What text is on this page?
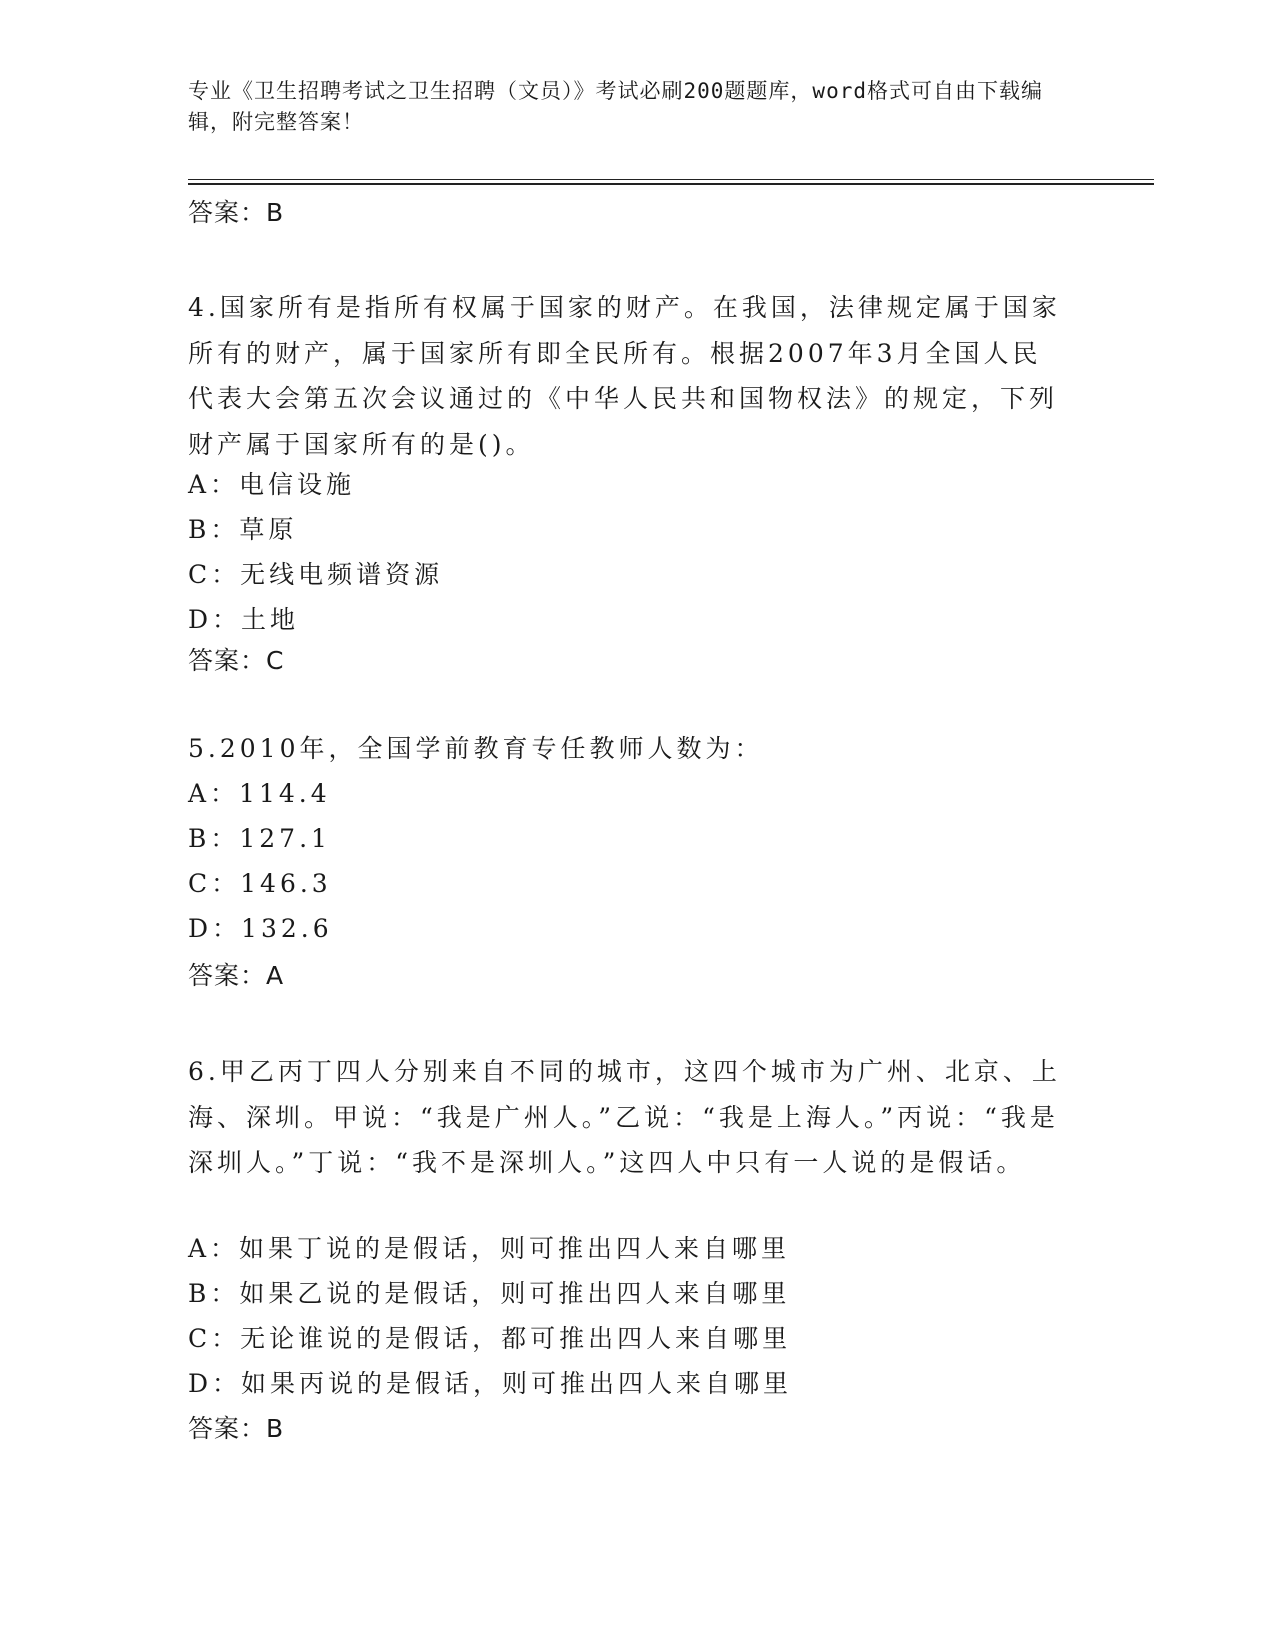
专业《卫生招聘考试之卫生招聘（文员）》考试必刷200题题库，word格式可自由下载编辑，附完整答案！
答案：B
4.国家所有是指所有权属于国家的财产。在我国，法律规定属于国家所有的财产，属于国家所有即全民所有。根据2007年3月全国人民代表大会第五次会议通过的《中华人民共和国物权法》的规定，下列财产属于国家所有的是()。
A：电信设施
B：草原
C：无线电频谱资源
D：土地
答案：C
5.2010年，全国学前教育专任教师人数为：
A：114.4
B：127.1
C：146.3
D：132.6
答案：A
6.甲乙丙丁四人分别来自不同的城市，这四个城市为广州、北京、上海、深圳。甲说：“我是广州人。”乙说：“我是上海人。”丙说：“我是深圳人。”丁说：“我不是深圳人。”这四人中只有一人说的是假话。
A：如果丁说的是假话，则可推出四人来自哪里
B：如果乙说的是假话，则可推出四人来自哪里
C：无论谁说的是假话，都可推出四人来自哪里
D：如果丙说的是假话，则可推出四人来自哪里
答案：B
